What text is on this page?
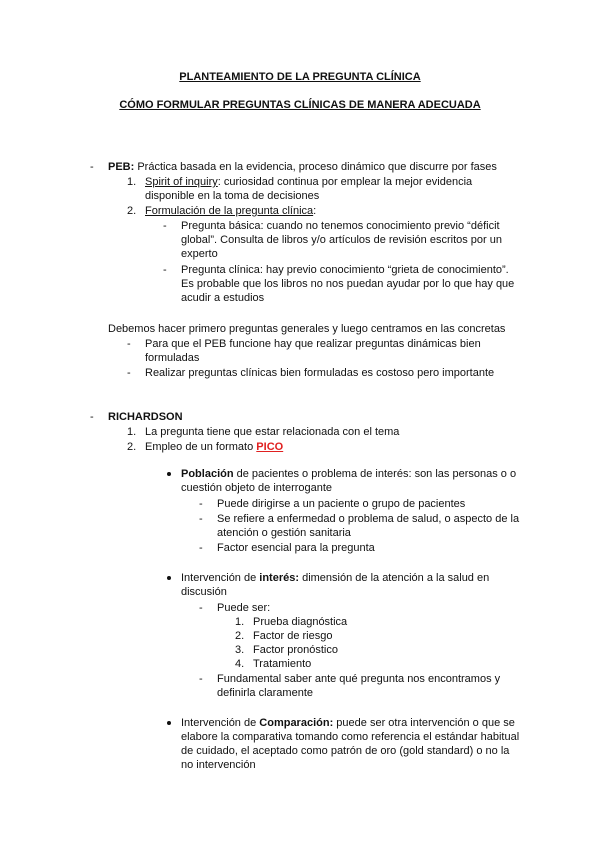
PLANTEAMIENTO DE LA PREGUNTA CLÍNICA
CÓMO FORMULAR PREGUNTAS CLÍNICAS DE MANERA ADECUADA
- PEB: Práctica basada en la evidencia, proceso dinámico que discurre por fases
1. Spirit of inquiry: curiosidad continua por emplear la mejor evidencia
disponible en la toma de decisiones
2. Formulación de la pregunta clínica:
- Pregunta básica: cuando no tenemos conocimiento previo “déficit
global”. Consulta de libros y/o artículos de revisión escritos por un
experto
- Pregunta clínica: hay previo conocimiento “grieta de conocimiento”.
Es probable que los libros no nos puedan ayudar por lo que hay que
acudir a estudios
Debemos hacer primero preguntas generales y luego centramos en las concretas
- Para que el PEB funcione hay que realizar preguntas dinámicas bien
formuladas
- Realizar preguntas clínicas bien formuladas es costoso pero importante
- RICHARDSON
1. La pregunta tiene que estar relacionada con el tema
2. Empleo de un formato PICO
Población de pacientes o problema de interés: son las personas o o
cuestión objeto de interrogante
- Puede dirigirse a un paciente o grupo de pacientes
- Se refiere a enfermedad o problema de salud, o aspecto de la
atención o gestión sanitaria
- Factor esencial para la pregunta
Intervención de interés: dimensión de la atención a la salud en
discusión
- Puede ser:
1. Prueba diagnóstica
2. Factor de riesgo
3. Factor pronóstico
4. Tratamiento
- Fundamental saber ante qué pregunta nos encontramos y
definirla claramente
Intervención de Comparación: puede ser otra intervención o que se
elabore la comparativa tomando como referencia el estándar habitual
de cuidado, el aceptado como patrón de oro (gold standard) o no la
no intervención
